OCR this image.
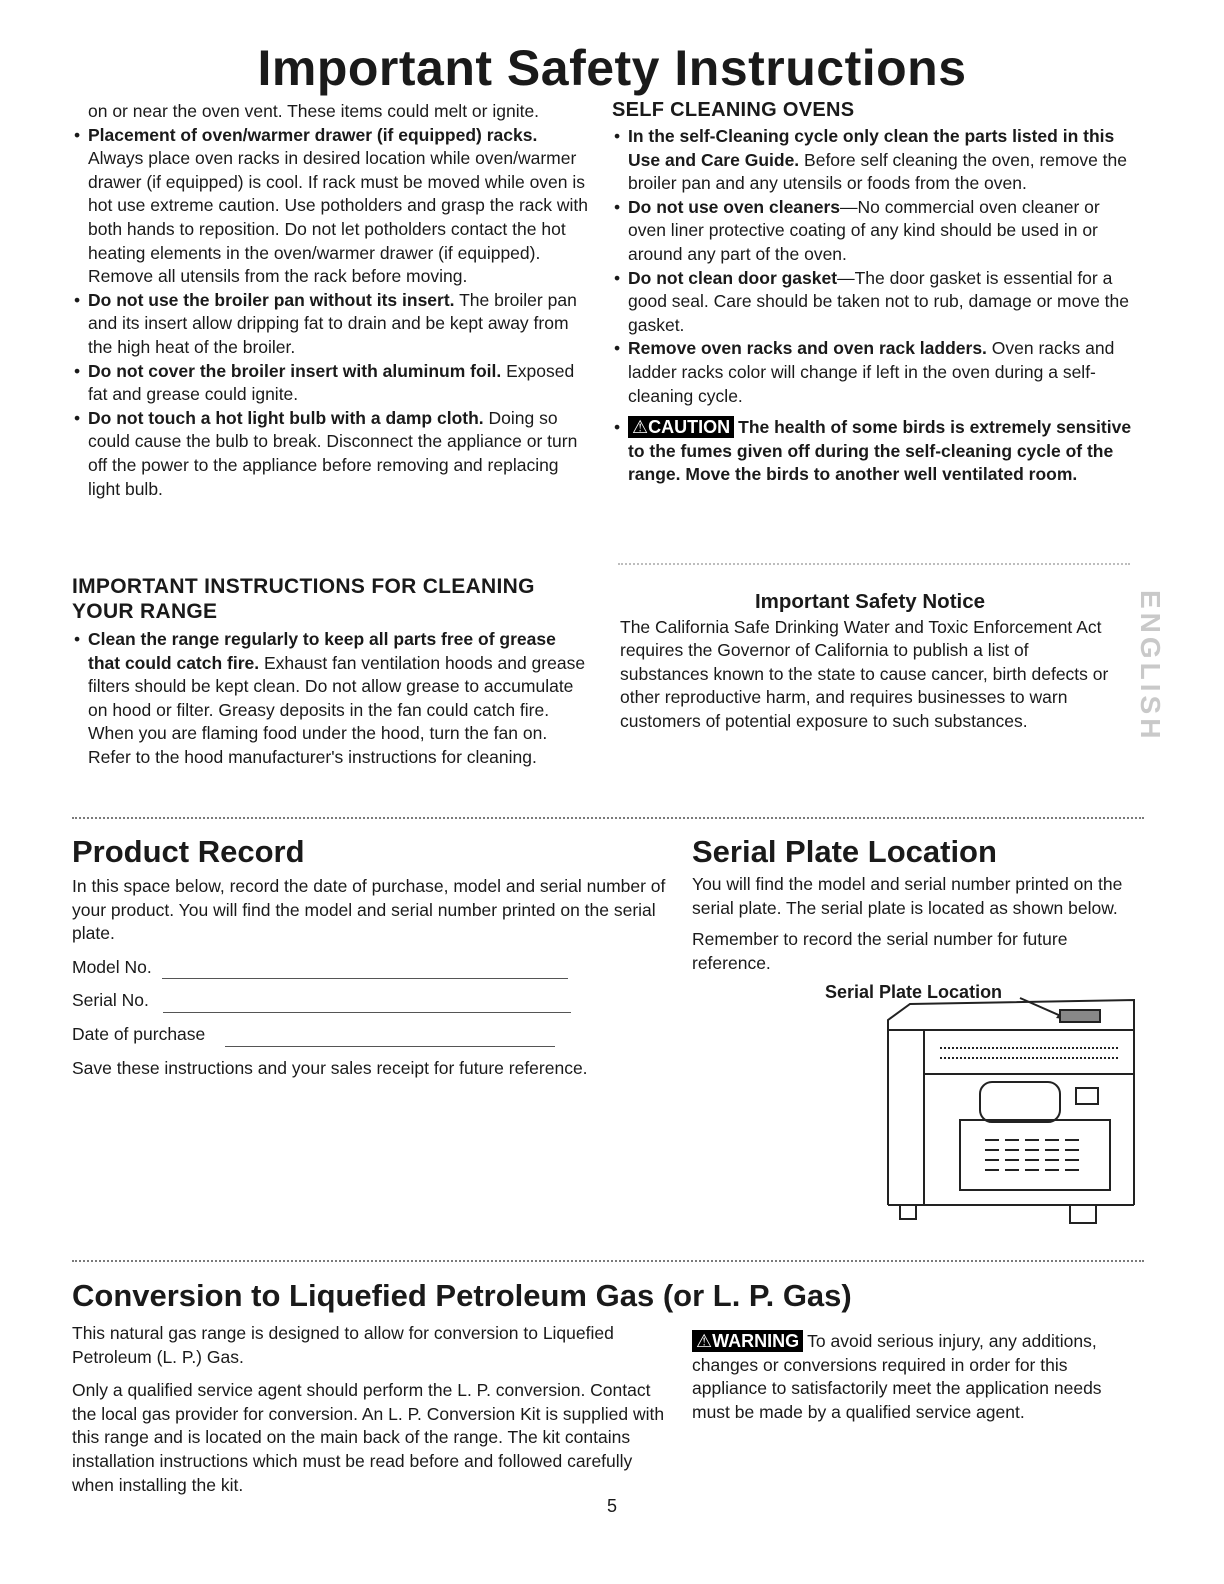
Important Safety Instructions

on or near the oven vent. These items could melt or ignite.

• Placement of oven/warmer drawer (if equipped) racks. Always place oven racks in desired location while oven/warmer drawer (if equipped) is cool. If rack must be moved while oven is hot use extreme caution. Use potholders and grasp the rack with both hands to reposition. Do not let potholders contact the hot heating elements in the oven/warmer drawer (if equipped). Remove all utensils from the rack before moving.
• Do not use the broiler pan without its insert. The broiler pan and its insert allow dripping fat to drain and be kept away from the high heat of the broiler.
• Do not cover the broiler insert with aluminum foil. Exposed fat and grease could ignite.
• Do not touch a hot light bulb with a damp cloth. Doing so could cause the bulb to break. Disconnect the appliance or turn off the power to the appliance before removing and replacing light bulb.
IMPORTANT INSTRUCTIONS FOR CLEANING YOUR RANGE
• Clean the range regularly to keep all parts free of grease that could catch fire. Exhaust fan ventilation hoods and grease filters should be kept clean. Do not allow grease to accumulate on hood or filter. Greasy deposits in the fan could catch fire. When you are flaming food under the hood, turn the fan on. Refer to the hood manufacturer's instructions for cleaning.
SELF CLEANING OVENS
• In the self-Cleaning cycle only clean the parts listed in this Use and Care Guide. Before self cleaning the oven, remove the broiler pan and any utensils or foods from the oven.
• Do not use oven cleaners—No commercial oven cleaner or oven liner protective coating of any kind should be used in or around any part of the oven.
• Do not clean door gasket—The door gasket is essential for a good seal. Care should be taken not to rub, damage or move the gasket.
• Remove oven racks and oven rack ladders. Oven racks and ladder racks color will change if left in the oven during a self-cleaning cycle.
• ⚠CAUTION The health of some birds is extremely sensitive to the fumes given off during the self-cleaning cycle of the range. Move the birds to another well ventilated room.
Important Safety Notice

The California Safe Drinking Water and Toxic Enforcement Act requires the Governor of California to publish a list of substances known to the state to cause cancer, birth defects or other reproductive harm, and requires businesses to warn customers of potential exposure to such substances.	ENGLISH
Product Record

In this space below, record the date of purchase, model and serial number of your product. You will find the model and serial number printed on the serial plate.

Model No.
Serial No.
Date of purchase

Save these instructions and your sales receipt for future reference.

Serial Plate Location

You will find the model and serial number printed on the serial plate. The serial plate is located as shown below.

Remember to record the serial number for future reference.

Serial Plate Location
Conversion to Liquefied Petroleum Gas (or L. P. Gas)

This natural gas range is designed to allow for conversion to Liquefied Petroleum (L. P.) Gas.

Only a qualified service agent should perform the L. P. conversion. Contact the local gas provider for conversion. An L. P. Conversion Kit is supplied with this range and is located on the main back of the range. The kit contains installation instructions which must be read before and followed carefully when installing the kit.

⚠WARNING To avoid serious injury, any additions, changes or conversions required in order for this appliance to satisfactorily meet the application needs must be made by a qualified service agent.

5
